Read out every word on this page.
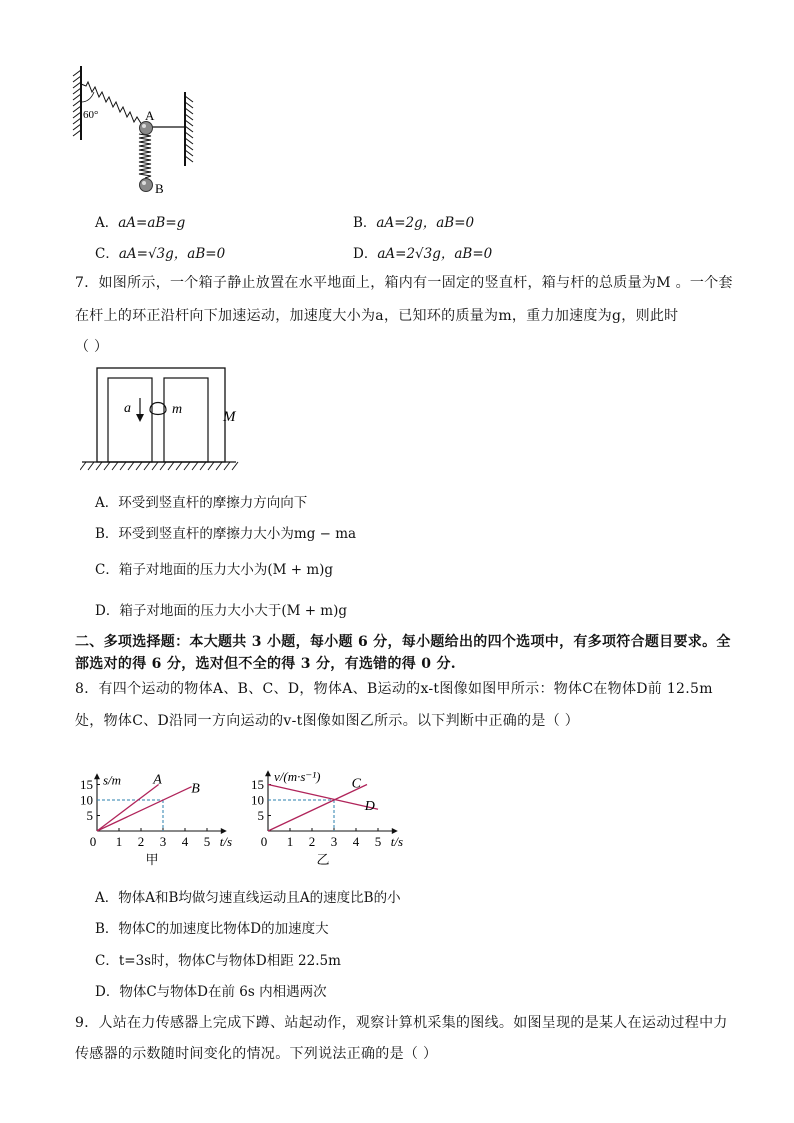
60°	A
B
A．aA=aB=g	B．aA=2g，aB=0
C．aA=√3g，aB=0	D．aA=2√3g，aB=0
7．如图所示，一个箱子静止放置在水平地面上，箱内有一固定的竖直杆，箱与杆的总质量为M 。一个套
在杆上的环正沿杆向下加速运动，加速度大小为a，已知环的质量为m，重力加速度为g，则此时
（ ）
a	m	M
A．环受到竖直杆的摩擦力方向向下
B．环受到竖直杆的摩擦力大小为mg − ma
C．箱子对地面的压力大小为(M + m)g
D．箱子对地面的压力大小大于(M + m)g
二、多项选择题：本大题共 3 小题，每小题 6 分，每小题给出的四个选项中，有多项符合题目要求。全
部选对的得 6 分，选对但不全的得 3 分，有选错的得 0 分.
8．有四个运动的物体A、B、C、D，物体A、B运动的x-t图像如图甲所示：物体C在物体D前 12.5m
处，物体C、D沿同一方向运动的v-t图像如图乙所示。以下判断中正确的是（ ）
0 1 2 3 4 5
5
10
15
t/s
s/m
甲
A
B
0 1 2 3 4 5
5
10
15
t/s
v/(m·s⁻¹)
乙
C
D
A．物体A和B均做匀速直线运动且A的速度比B的小
B．物体C的加速度比物体D的加速度大
C．t=3s时，物体C与物体D相距 22.5m
D．物体C与物体D在前 6s 内相遇两次
9．人站在力传感器上完成下蹲、站起动作，观察计算机采集的图线。如图呈现的是某人在运动过程中力
传感器的示数随时间变化的情况。下列说法正确的是（ ）
